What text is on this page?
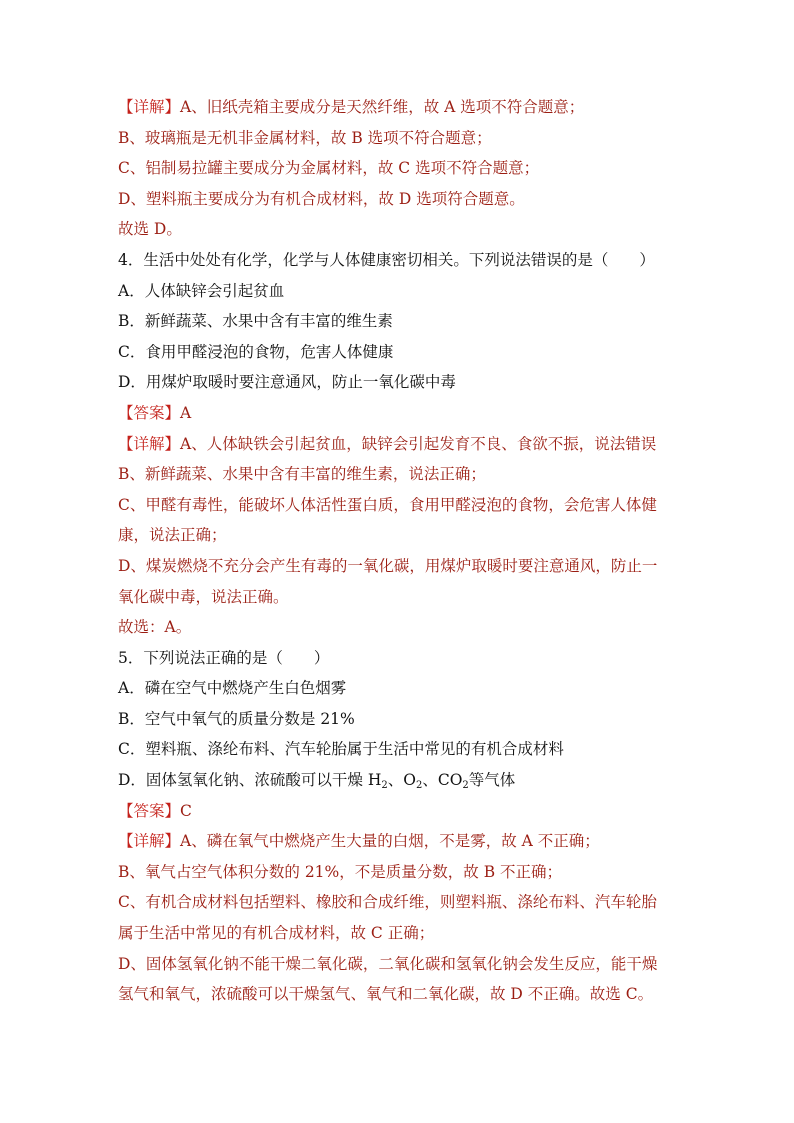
【详解】A、旧纸壳箱主要成分是天然纤维，故 A 选项不符合题意；
B、玻璃瓶是无机非金属材料，故 B 选项不符合题意；
C、铝制易拉罐主要成分为金属材料，故 C 选项不符合题意；
D、塑料瓶主要成分为有机合成材料，故 D 选项符合题意。
故选 D。
4．生活中处处有化学，化学与人体健康密切相关。下列说法错误的是（　　）
A．人体缺锌会引起贫血
B．新鲜蔬菜、水果中含有丰富的维生素
C．食用甲醛浸泡的食物，危害人体健康
D．用煤炉取暖时要注意通风，防止一氧化碳中毒
【答案】A
【详解】A、人体缺铁会引起贫血，缺锌会引起发育不良、食欲不振，说法错误
B、新鲜蔬菜、水果中含有丰富的维生素，说法正确；
C、甲醛有毒性，能破坏人体活性蛋白质，食用甲醛浸泡的食物，会危害人体健
康，说法正确；
D、煤炭燃烧不充分会产生有毒的一氧化碳，用煤炉取暖时要注意通风，防止一
氧化碳中毒，说法正确。
故选：A。
5．下列说法正确的是（　　）
A．磷在空气中燃烧产生白色烟雾
B．空气中氧气的质量分数是 21%
C．塑料瓶、涤纶布料、汽车轮胎属于生活中常见的有机合成材料
D．固体氢氧化钠、浓硫酸可以干燥 $H_2$、$O_2$、$CO_2$等气体
【答案】C
【详解】A、磷在氧气中燃烧产生大量的白烟，不是雾，故 A 不正确；
B、氧气占空气体积分数的 21%，不是质量分数，故 B 不正确；
C、有机合成材料包括塑料、橡胶和合成纤维，则塑料瓶、涤纶布料、汽车轮胎
属于生活中常见的有机合成材料，故 C 正确；
D、固体氢氧化钠不能干燥二氧化碳，二氧化碳和氢氧化钠会发生反应，能干燥
氢气和氧气，浓硫酸可以干燥氢气、氧气和二氧化碳，故 D 不正确。故选 C。
